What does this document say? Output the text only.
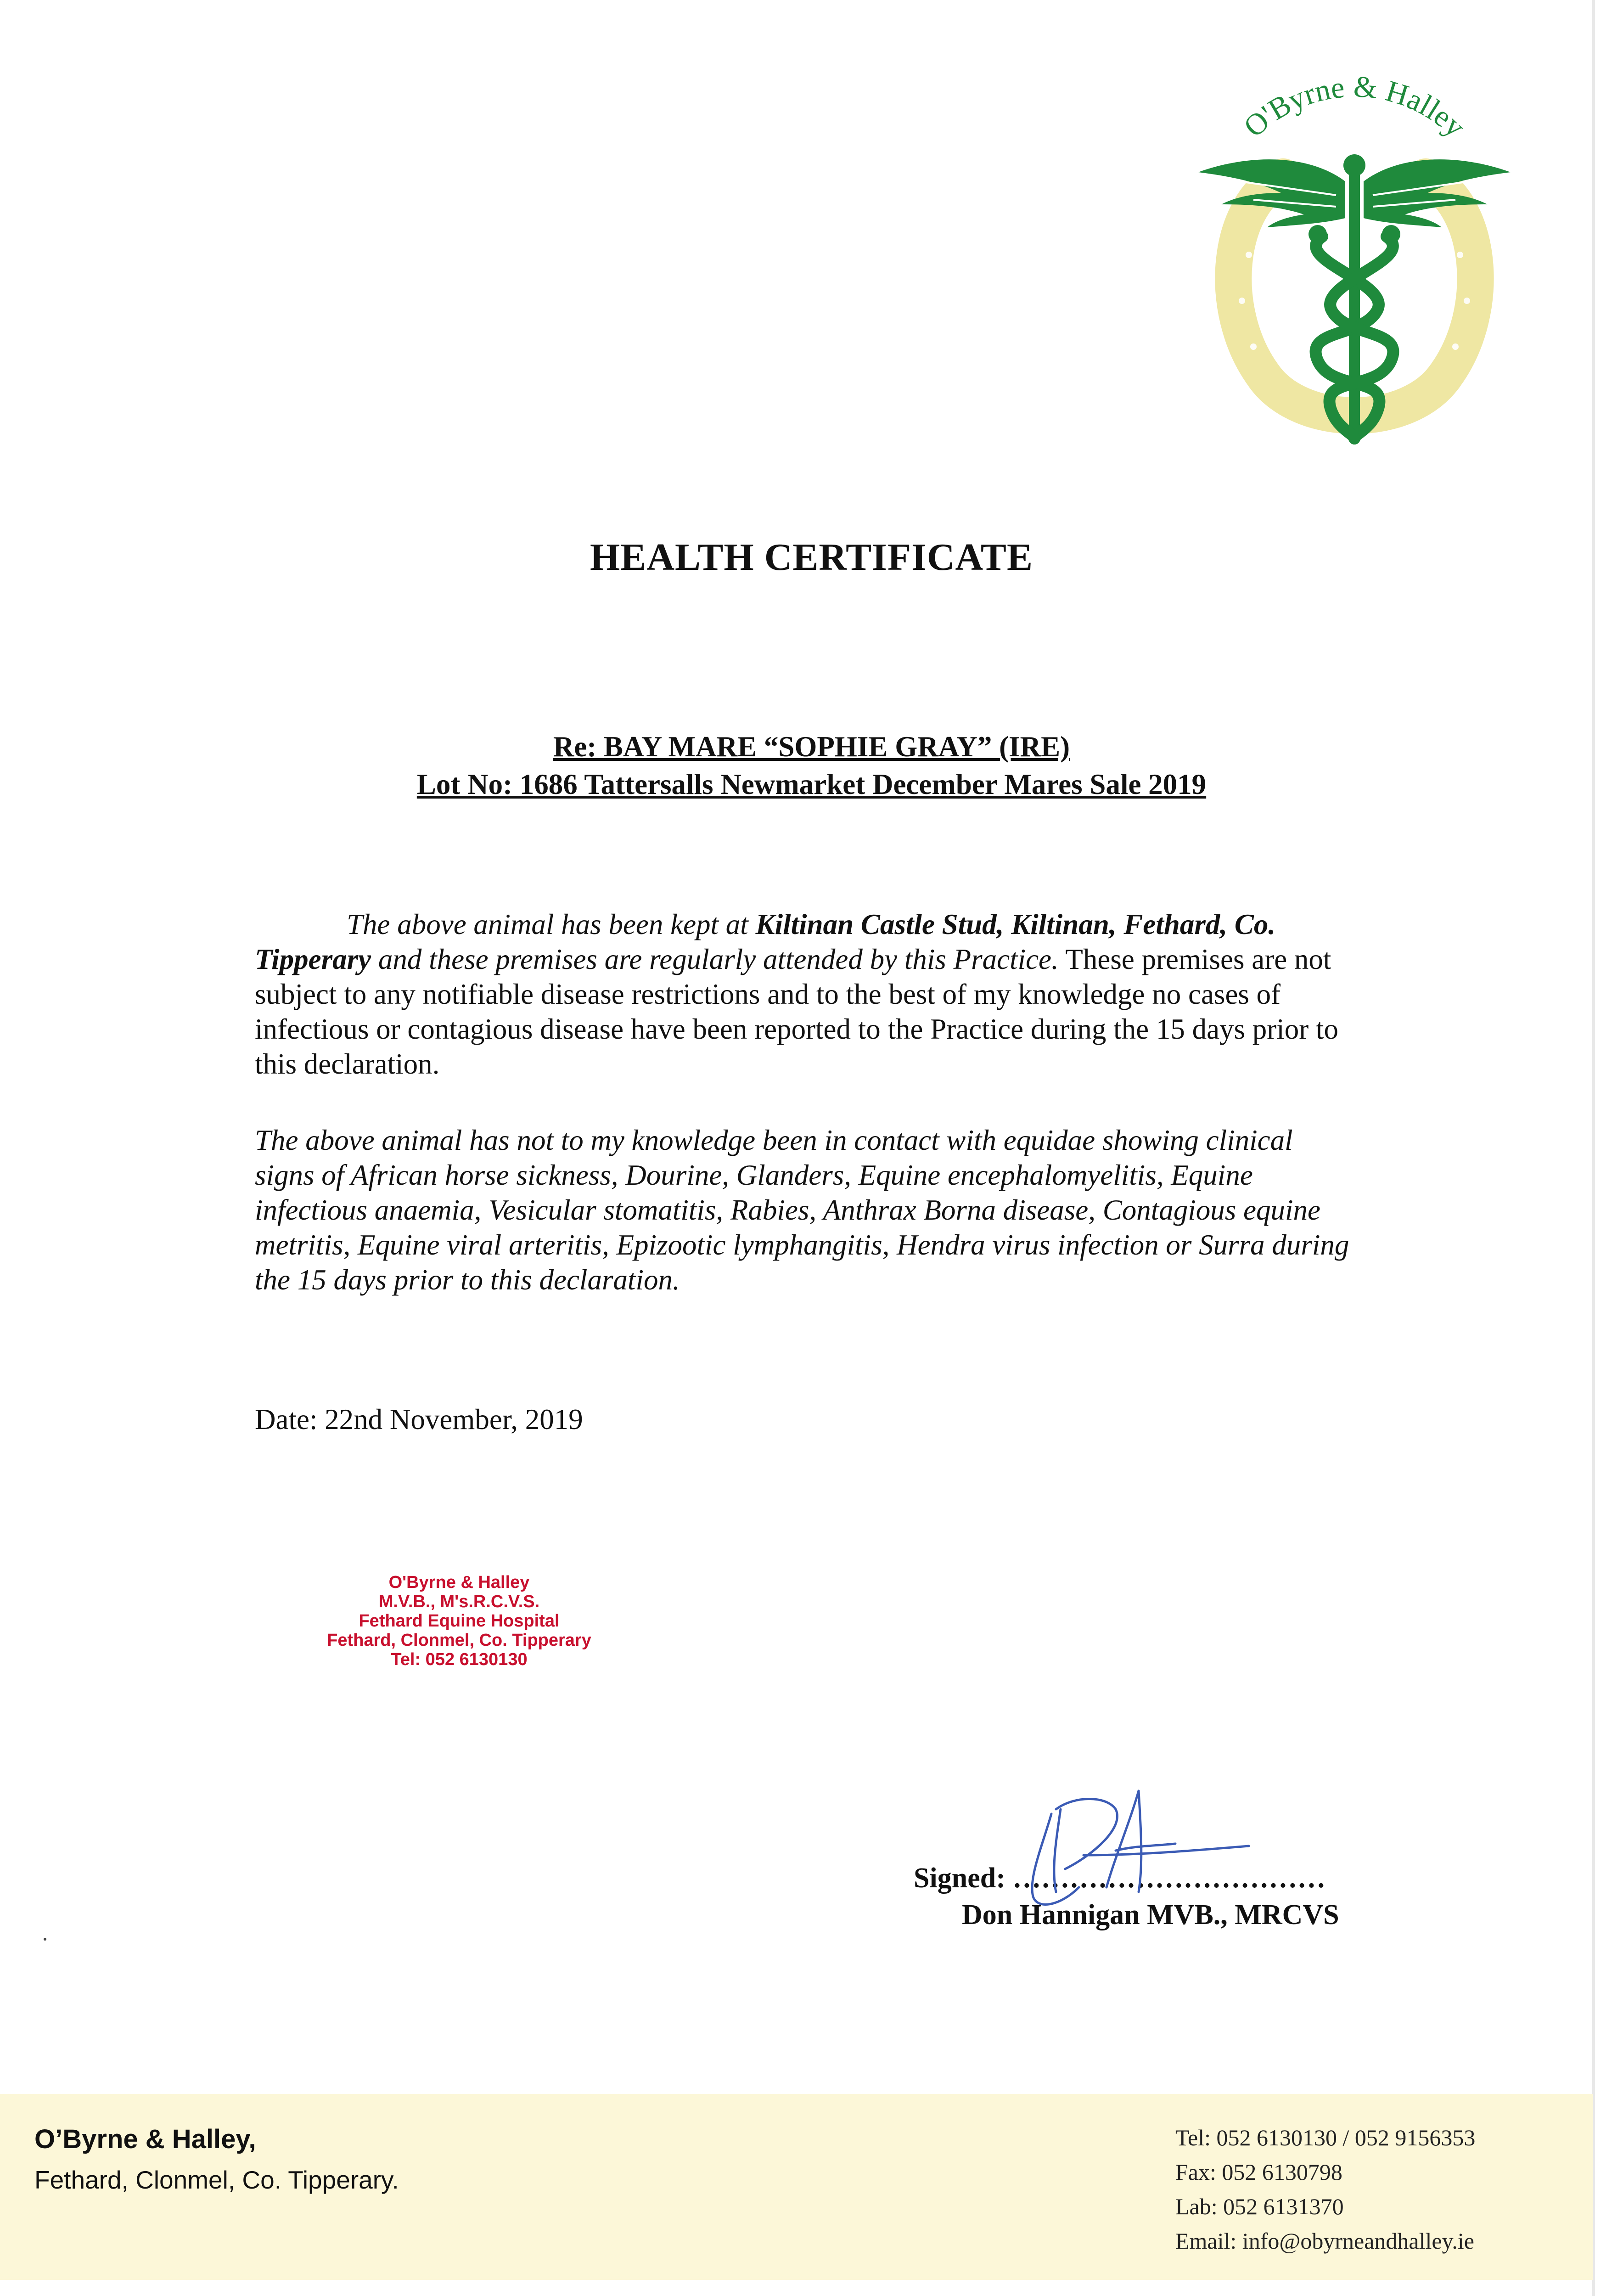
O'Byrne & Halley
HEALTH CERTIFICATE
Re: BAY MARE “SOPHIE GRAY” (IRE)
Lot No: 1686 Tattersalls Newmarket December Mares Sale 2019
The above animal has been kept at Kiltinan Castle Stud, Kiltinan, Fethard, Co. Tipperary and these premises are regularly attended by this Practice. These premises are not subject to any notifiable disease restrictions and to the best of my knowledge no cases of infectious or contagious disease have been reported to the Practice during the 15 days prior to this declaration.
The above animal has not to my knowledge been in contact with equidae showing clinical signs of African horse sickness, Dourine, Glanders, Equine encephalomyelitis, Equine infectious anaemia, Vesicular stomatitis, Rabies, Anthrax Borna disease, Contagious equine metritis, Equine viral arteritis, Epizootic lymphangitis, Hendra virus infection or Surra during the 15 days prior to this declaration.
Date: 22nd November, 2019
O'Byrne & Halley
M.V.B., M's.R.C.V.S.
Fethard Equine Hospital
Fethard, Clonmel, Co. Tipperary
Tel: 052 6130130
Signed: ……………………………
Don Hannigan MVB., MRCVS
O’Byrne & Halley,
Fethard, Clonmel, Co. Tipperary.
Tel: 052 6130130 / 052 9156353
Fax: 052 6130798
Lab: 052 6131370
Email: info@obyrneandhalley.ie
